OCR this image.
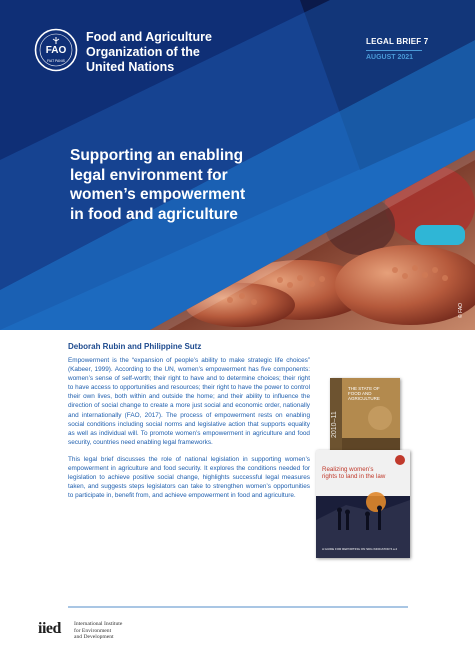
FAO
FIAT PANIS
Food and Agriculture
Organization of the
United Nations
LEGAL BRIEF 7
AUGUST 2021
Supporting an enabling
legal environment for
women’s empowerment
in food and agriculture
© FAO
Deborah Rubin and Philippine Sutz

Empowerment is the “expansion of people’s ability to make strategic life choices” (Kabeer, 1999). According to the UN, women’s empowerment has five components: women’s sense of self-worth; their right to have and to determine choices; their right to have access to opportunities and resources; their right to have the power to control their own lives, both within and outside the home; and their ability to influence the direction of social change to create a more just social and economic order, nationally and internationally (FAO, 2017). The process of empowerment rests on enabling social conditions including social norms and legislative action that supports equality as well as individual will. To promote women’s empowerment in agriculture and food security, countries need enabling legal frameworks.

This legal brief discusses the role of national legislation in supporting women’s empowerment in agriculture and food security. It explores the conditions needed for legislation to achieve positive social change, highlights successful legal measures taken, and suggests steps legislators can take to strengthen women’s opportunities to participate in, benefit from, and achieve empowerment in food and agriculture.

2010–11
THE STATE OF
FOOD AND
AGRICULTURE
A GUIDE FOR REPORTING ON SDG INDICATOR 5.a.2
Realizing women’s rights to land in the law
iied International Institute
for Environment
and Development
